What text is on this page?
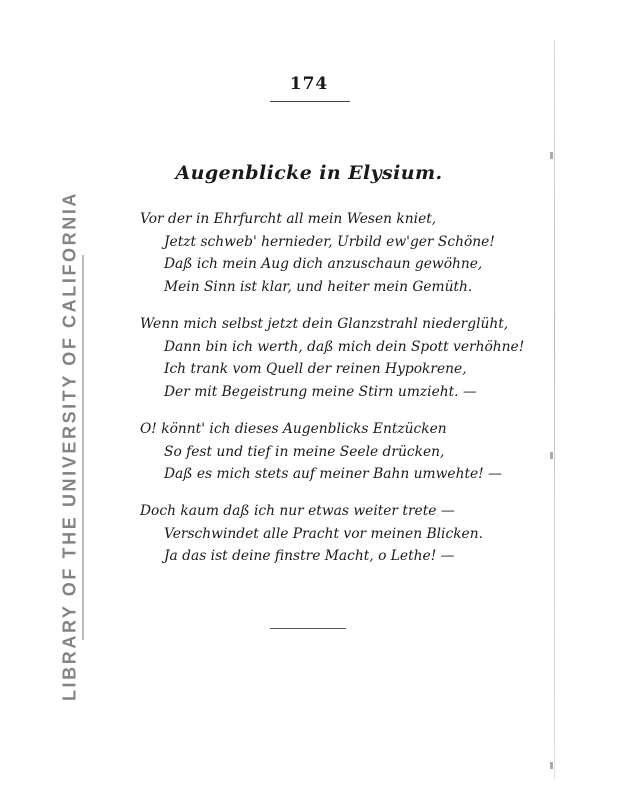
174
Augenblicke in Elysium.
Vor der in Ehrfurcht all mein Wesen kniet,
Jetzt schweb' hernieder, Urbild ew'ger Schöne!
Daß ich mein Aug dich anzuschaun gewöhne,
Mein Sinn ist klar, und heiter mein Gemüth.
Wenn mich selbst jetzt dein Glanzstrahl niederglüht,
Dann bin ich werth, daß mich dein Spott verhöhne!
Ich trank vom Quell der reinen Hypokrene,
Der mit Begeistrung meine Stirn umzieht. —
O! könnt' ich dieses Augenblicks Entzücken
So fest und tief in meine Seele drücken,
Daß es mich stets auf meiner Bahn umwehte! —
Doch kaum daß ich nur etwas weiter trete —
Verschwindet alle Pracht vor meinen Blicken.
Ja das ist deine finstre Macht, o Lethe! —
LIBRARY OF THE UNIVERSITY OF CALIFORNIA
